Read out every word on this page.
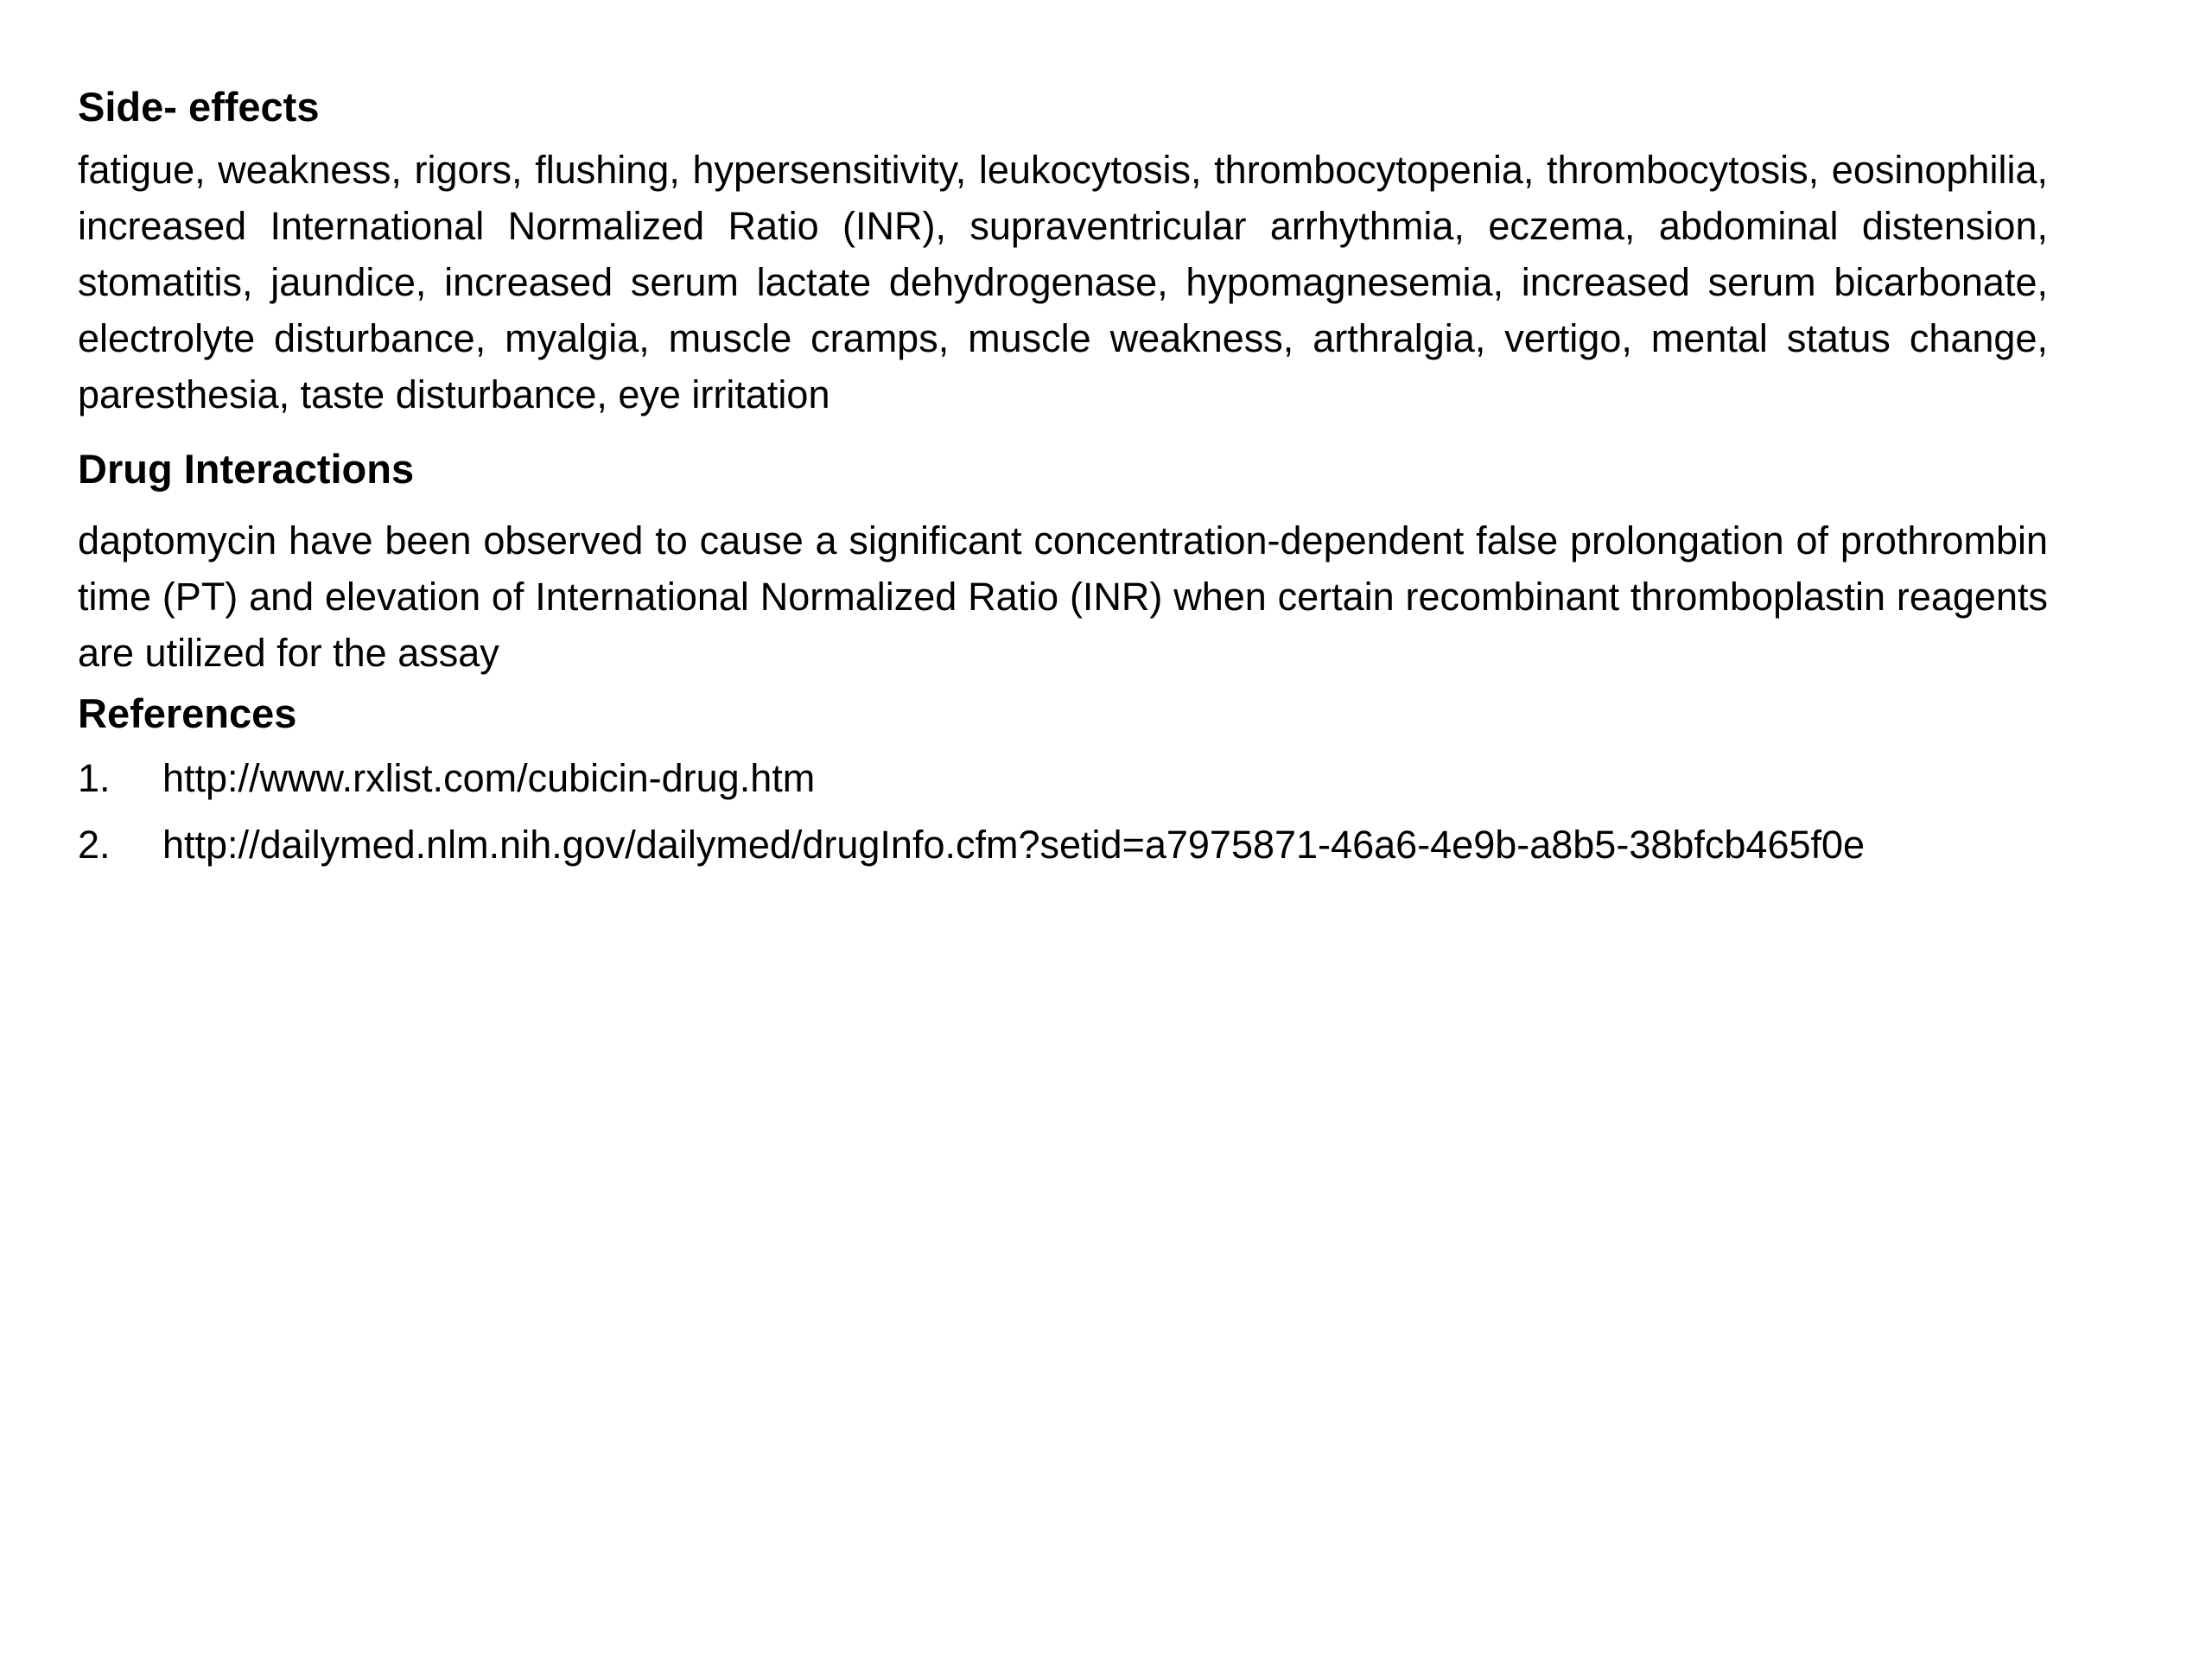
Side- effects

fatigue, weakness, rigors, flushing, hypersensitivity, leukocytosis, thrombocytopenia, thrombocytosis, eosinophilia, increased International Normalized Ratio (INR), supraventricular arrhythmia, eczema, abdominal distension, stomatitis, jaundice, increased serum lactate dehydrogenase, hypomagnesemia, increased serum bicarbonate, electrolyte disturbance, myalgia, muscle cramps, muscle weakness, arthralgia, vertigo, mental status change, paresthesia, taste disturbance, eye irritation

Drug Interactions

daptomycin have been observed to cause a significant concentration-dependent false prolongation of prothrombin time (PT) and elevation of International Normalized Ratio (INR) when certain recombinant thromboplastin reagents are utilized for the assay

References
1.	http://www.rxlist.com/cubicin-drug.htm
2.	http://dailymed.nlm.nih.gov/dailymed/drugInfo.cfm?setid=a7975871-46a6-4e9b-a8b5-38bfcb465f0e
